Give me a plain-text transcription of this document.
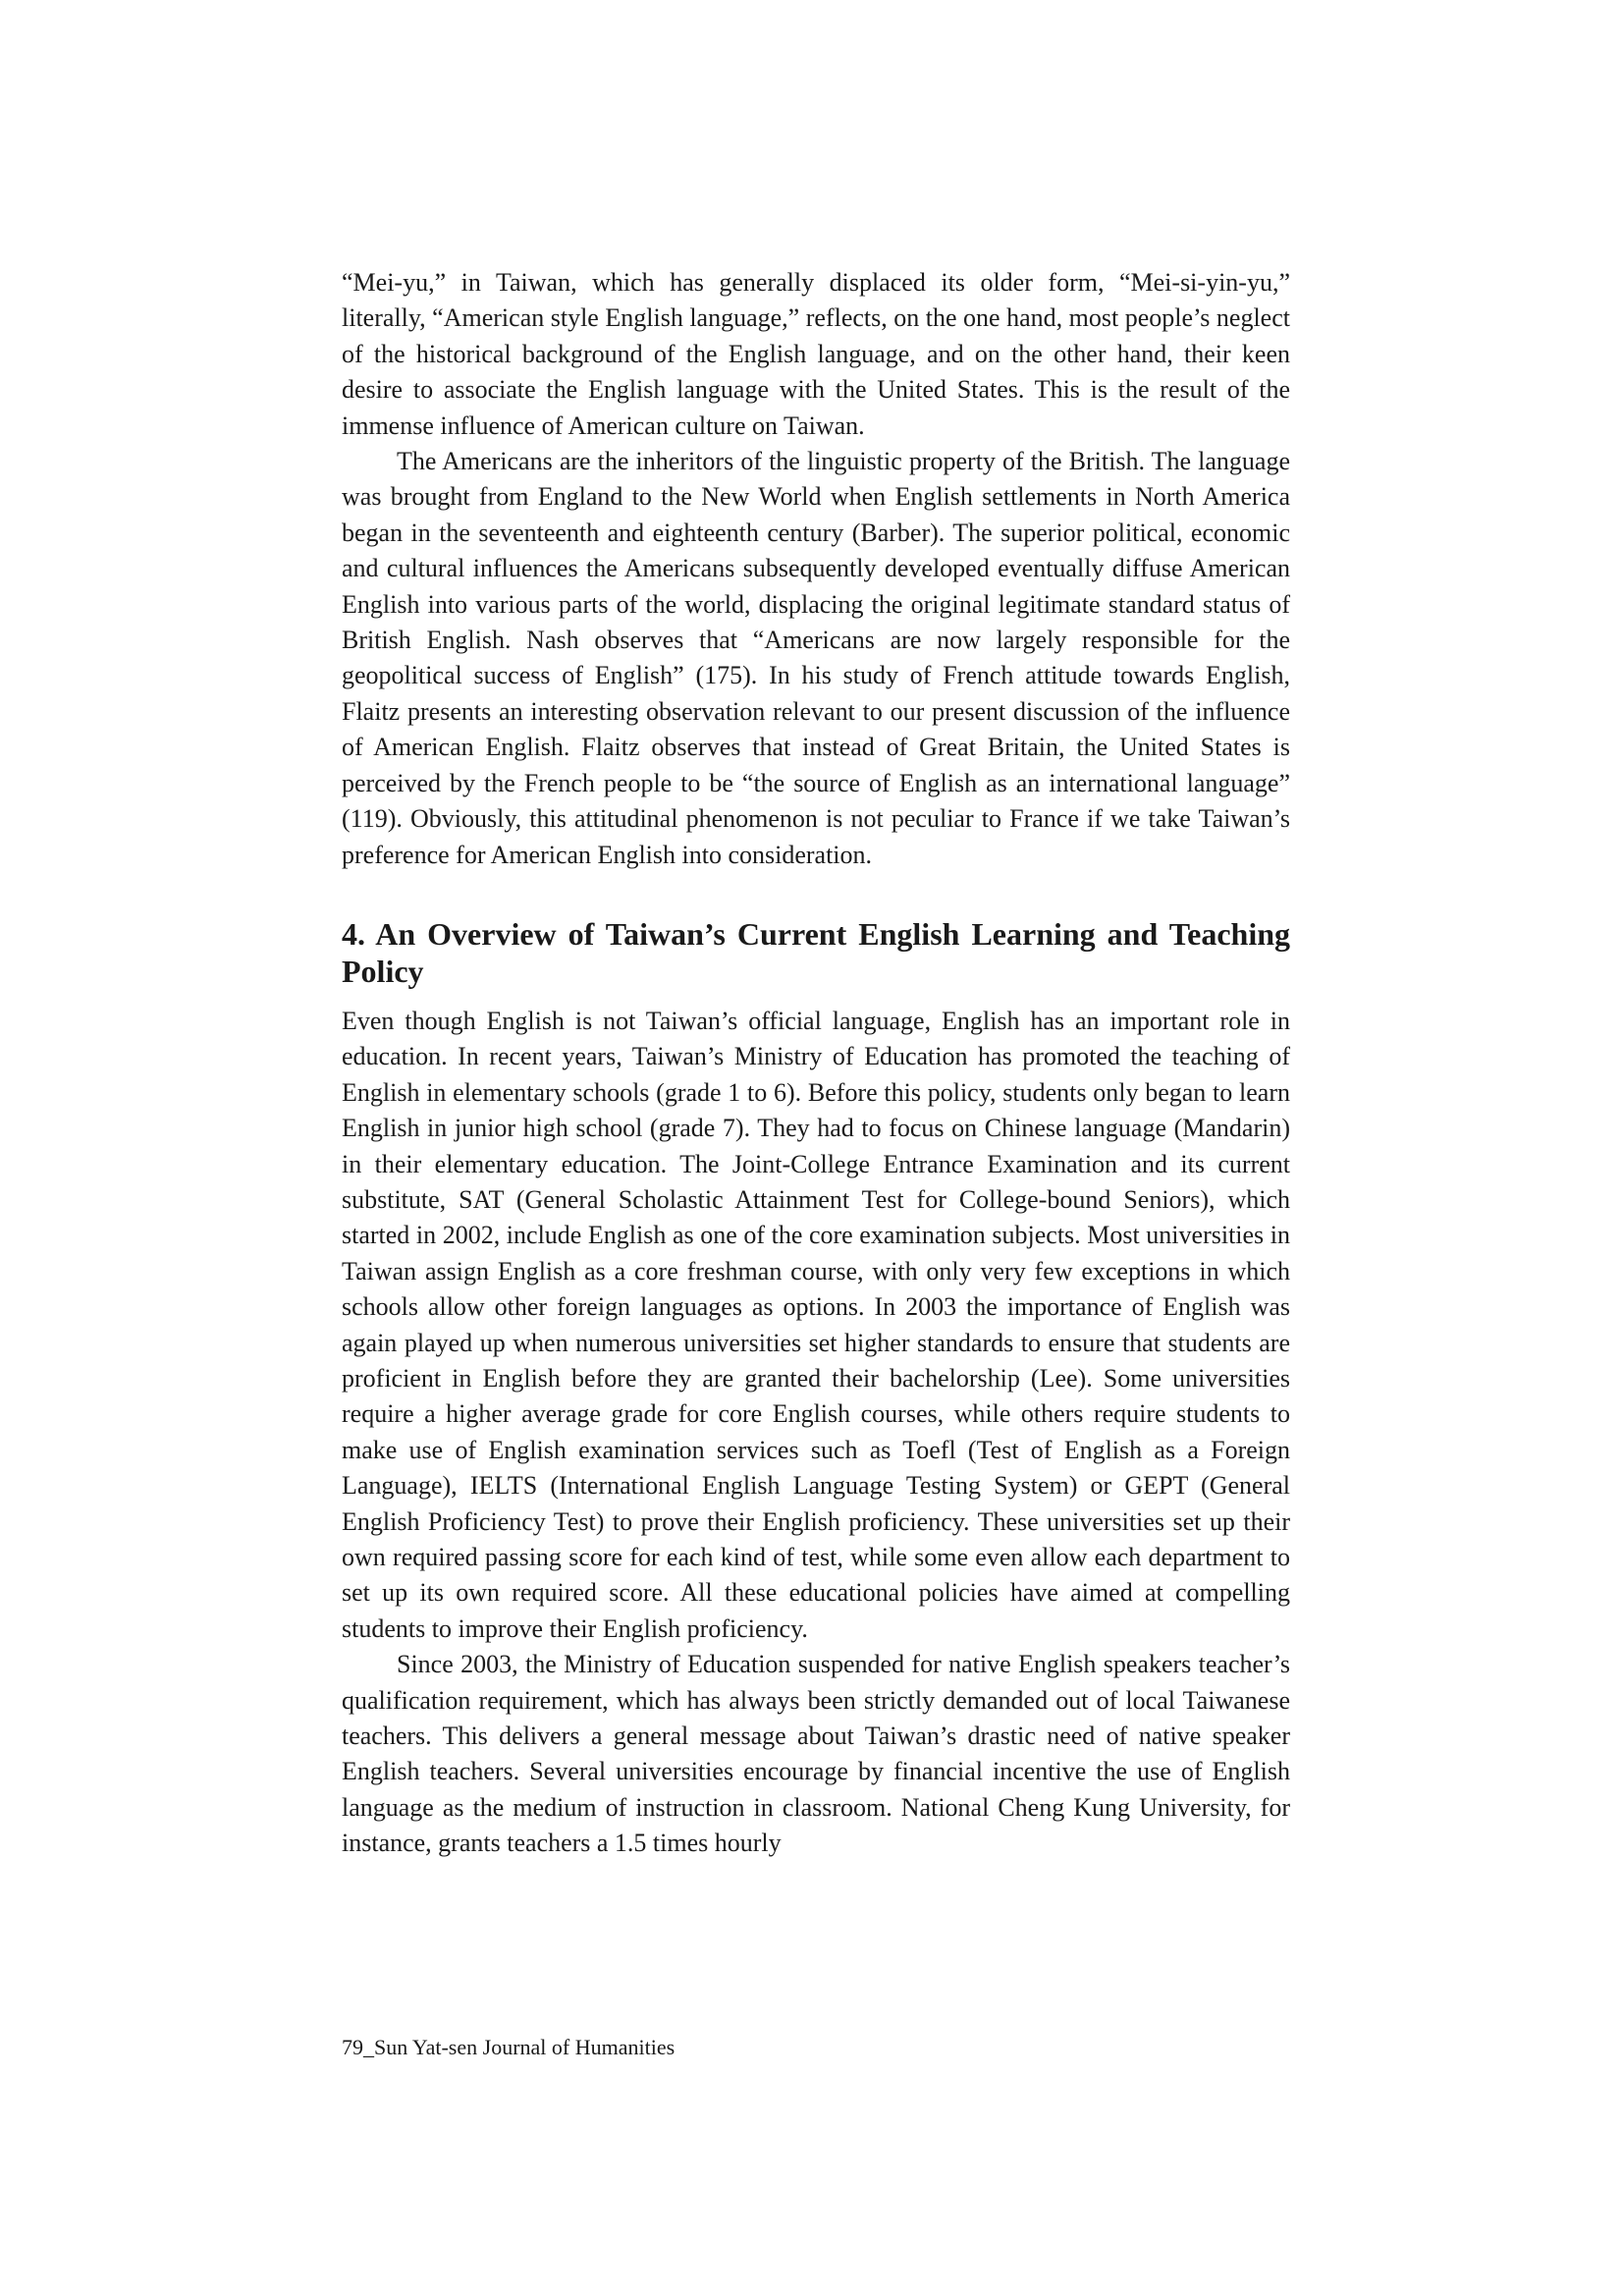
“Mei-yu,” in Taiwan, which has generally displaced its older form, “Mei-si-yin-yu,” literally, “American style English language,” reflects, on the one hand, most people’s neglect of the historical background of the English language, and on the other hand, their keen desire to associate the English language with the United States. This is the result of the immense influence of American culture on Taiwan.

The Americans are the inheritors of the linguistic property of the British. The language was brought from England to the New World when English settlements in North America began in the seventeenth and eighteenth century (Barber). The superior political, economic and cultural influences the Americans subsequently developed eventually diffuse American English into various parts of the world, displacing the original legitimate standard status of British English. Nash observes that “Americans are now largely responsible for the geopolitical success of English” (175). In his study of French attitude towards English, Flaitz presents an interesting observation relevant to our present discussion of the influence of American English. Flaitz observes that instead of Great Britain, the United States is perceived by the French people to be “the source of English as an international language” (119). Obviously, this attitudinal phenomenon is not peculiar to France if we take Taiwan’s preference for American English into consideration.

4. An Overview of Taiwan’s Current English Learning and Teaching Policy

Even though English is not Taiwan’s official language, English has an important role in education. In recent years, Taiwan’s Ministry of Education has promoted the teaching of English in elementary schools (grade 1 to 6). Before this policy, students only began to learn English in junior high school (grade 7). They had to focus on Chinese language (Mandarin) in their elementary education. The Joint-College Entrance Examination and its current substitute, SAT (General Scholastic Attainment Test for College-bound Seniors), which started in 2002, include English as one of the core examination subjects. Most universities in Taiwan assign English as a core freshman course, with only very few exceptions in which schools allow other foreign languages as options. In 2003 the importance of English was again played up when numerous universities set higher standards to ensure that students are proficient in English before they are granted their bachelorship (Lee). Some universities require a higher average grade for core English courses, while others require students to make use of English examination services such as Toefl (Test of English as a Foreign Language), IELTS (International English Language Testing System) or GEPT (General English Proficiency Test) to prove their English proficiency. These universities set up their own required passing score for each kind of test, while some even allow each department to set up its own required score. All these educational policies have aimed at compelling students to improve their English proficiency.

Since 2003, the Ministry of Education suspended for native English speakers teacher’s qualification requirement, which has always been strictly demanded out of local Taiwanese teachers. This delivers a general message about Taiwan’s drastic need of native speaker English teachers. Several universities encourage by financial incentive the use of English language as the medium of instruction in classroom. National Cheng Kung University, for instance, grants teachers a 1.5 times hourly

79_Sun Yat-sen Journal of Humanities
